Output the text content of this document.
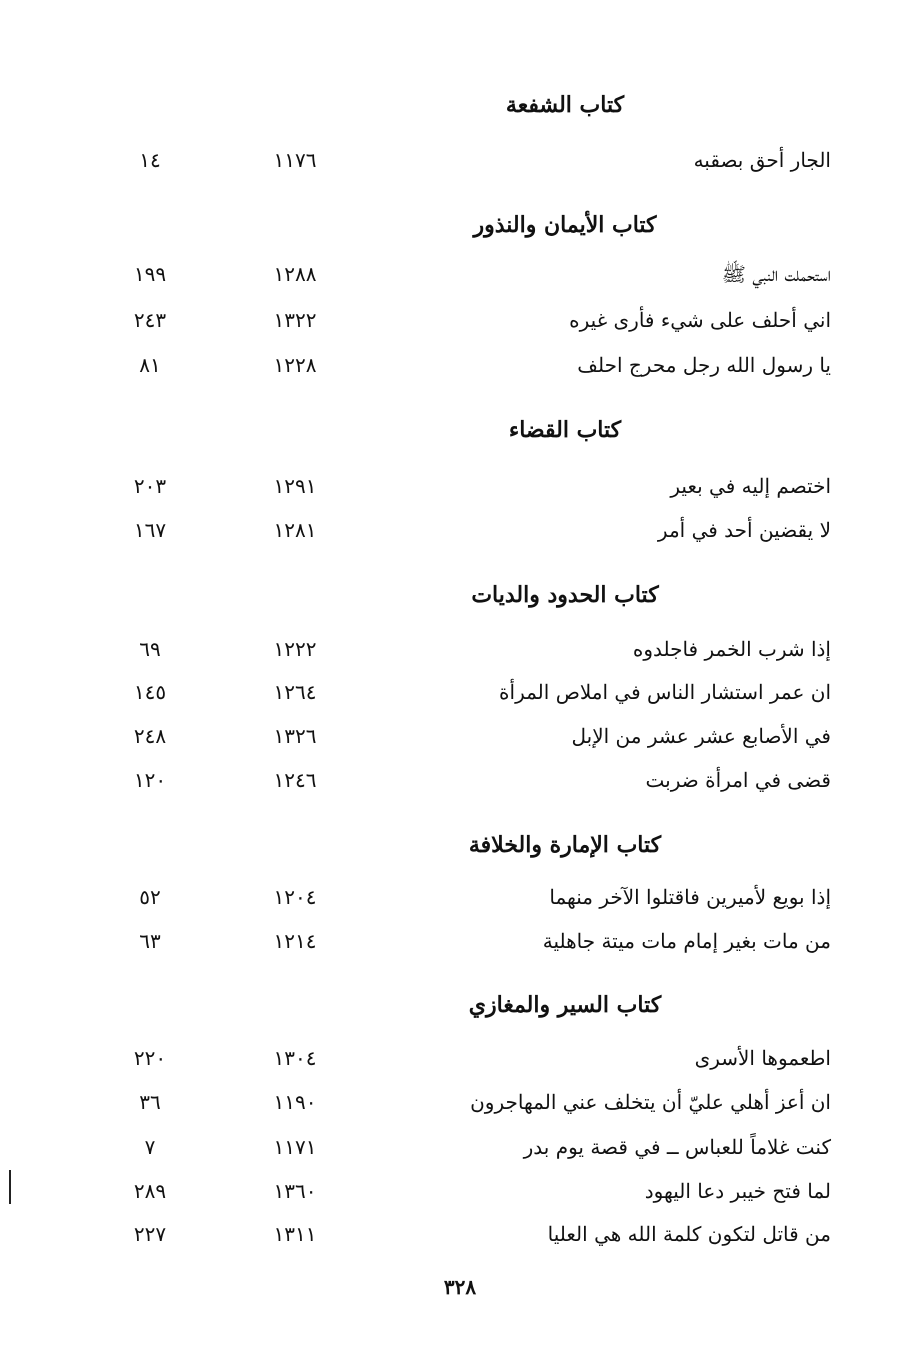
كتاب الشفعة
الجار أحق بصقبه
١١٧٦
١٤
كتاب الأيمان والنذور
استحملت النبي ﷺ
١٢٨٨
١٩٩
اني أحلف على شيء فأرى غيره
١٣٢٢
٢٤٣
يا رسول الله رجل محرج احلف
١٢٢٨
٨١
كتاب القضاء
اختصم إليه في بعير
١٢٩١
٢٠٣
لا يقضين أحد في أمر
١٢٨١
١٦٧
كتاب الحدود والديات
إذا شرب الخمر فاجلدوه
١٢٢٢
٦٩
ان عمر استشار الناس في املاص المرأة
١٢٦٤
١٤٥
في الأصابع عشر عشر من الإبل
١٣٢٦
٢٤٨
قضى في امرأة ضربت
١٢٤٦
١٢٠
كتاب الإمارة والخلافة
إذا بويع لأميرين فاقتلوا الآخر منهما
١٢٠٤
٥٢
من مات بغير إمام مات ميتة جاهلية
١٢١٤
٦٣
كتاب السير والمغازي
اطعموها الأسرى
١٣٠٤
٢٢٠
ان أعز أهلي عليّ أن يتخلف عني المهاجرون
١١٩٠
٣٦
كنت غلاماً للعباس ــ في قصة يوم بدر
١١٧١
٧
لما فتح خيبر دعا اليهود
١٣٦٠
٢٨٩
من قاتل لتكون كلمة الله هي العليا
١٣١١
٢٢٧
٣٢٨
